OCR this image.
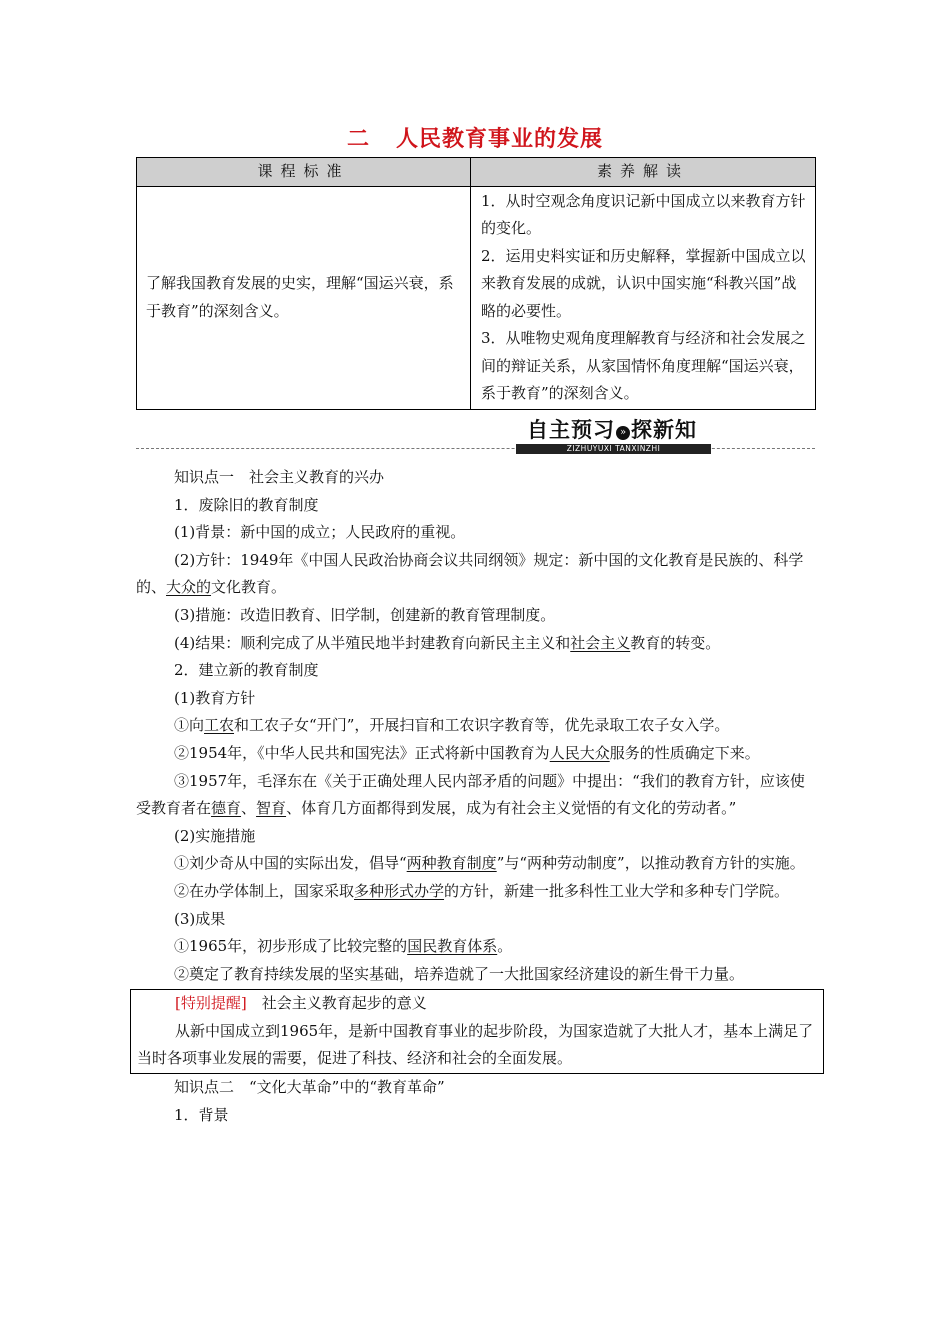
二 人民教育事业的发展
课程标准	素养解读
了解我国教育发展的史实，理解“国运兴衰，系于教育”的深刻含义。	1．从时空观念角度识记新中国成立以来教育方针的变化。
2．运用史料实证和历史解释，掌握新中国成立以来教育发展的成就，认识中国实施“科教兴国”战略的必要性。
3．从唯物史观角度理解教育与经济和社会发展之间的辩证关系，从家国情怀角度理解“国运兴衰，系于教育”的深刻含义。
自主预习 » 探新知
ZIZHUYUXI TANXINZHI

知识点一　社会主义教育的兴办

1．废除旧的教育制度

(1)背景：新中国的成立；人民政府的重视。

(2)方针：1949年《中国人民政治协商会议共同纲领》规定：新中国的文化教育是民族的、科学的、大众的文化教育。

(3)措施：改造旧教育、旧学制，创建新的教育管理制度。

(4)结果：顺利完成了从半殖民地半封建教育向新民主主义和社会主义教育的转变。

2．建立新的教育制度

(1)教育方针

①向工农和工农子女“开门”，开展扫盲和工农识字教育等，优先录取工农子女入学。

②1954年，《中华人民共和国宪法》正式将新中国教育为人民大众服务的性质确定下来。

③1957年，毛泽东在《关于正确处理人民内部矛盾的问题》中提出：“我们的教育方针，应该使受教育者在德育、智育、体育几方面都得到发展，成为有社会主义觉悟的有文化的劳动者。”

(2)实施措施

①刘少奇从中国的实际出发，倡导“两种教育制度”与“两种劳动制度”，以推动教育方针的实施。

②在办学体制上，国家采取多种形式办学的方针，新建一批多科性工业大学和多种专门学院。

(3)成果

①1965年，初步形成了比较完整的国民教育体系。

②奠定了教育持续发展的坚实基础，培养造就了一大批国家经济建设的新生骨干力量。

[特别提醒]　社会主义教育起步的意义

从新中国成立到1965年，是新中国教育事业的起步阶段，为国家造就了大批人才，基本上满足了当时各项事业发展的需要，促进了科技、经济和社会的全面发展。

知识点二　“文化大革命”中的“教育革命”

1．背景
